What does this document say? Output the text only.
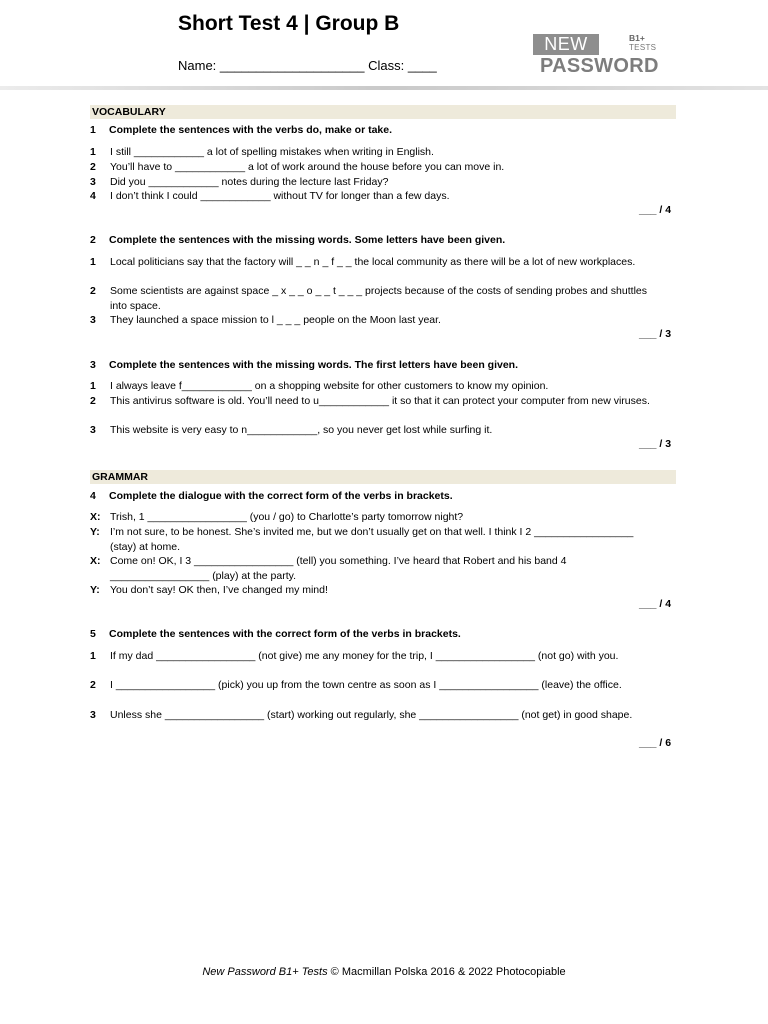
Short Test 4 | Group B
Name: ____________________ Class: ____
NEW	B1+
TESTS
PASSWORD
VOCABULARY
1 Complete the sentences with the verbs do, make or take.
1 I still ____________ a lot of spelling mistakes when writing in English.
2 You’ll have to ____________ a lot of work around the house before you can move in.
3 Did you ____________ notes during the lecture last Friday?
4 I don’t think I could ____________ without TV for longer than a few days.
___ / 4
2 Complete the sentences with the missing words. Some letters have been given.
1 Local politicians say that the factory will _ _ n _ f _ _ the local community as there will be a lot of new workplaces.
2 Some scientists are against space _ x _ _ o _ _ t _ _ _ projects because of the costs of sending probes and shuttles into space.
3 They launched a space mission to l _ _ _ people on the Moon last year.
___ / 3
3 Complete the sentences with the missing words. The first letters have been given.
1 I always leave f____________ on a shopping website for other customers to know my opinion.
2 This antivirus software is old. You’ll need to u____________ it so that it can protect your computer from new viruses.
3 This website is very easy to n____________, so you never get lost while surfing it.
___ / 3
GRAMMAR
4 Complete the dialogue with the correct form of the verbs in brackets.
X: Trish, 1 _________________ (you / go) to Charlotte’s party tomorrow night?
Y: I’m not sure, to be honest. She’s invited me, but we don’t usually get on that well. I think I 2 _________________ (stay) at home.
X: Come on! OK, I 3 _________________ (tell) you something. I’ve heard that Robert and his band 4 _________________ (play) at the party.
Y: You don’t say! OK then, I’ve changed my mind!
___ / 4
5 Complete the sentences with the correct form of the verbs in brackets.
1 If my dad _________________ (not give) me any money for the trip, I _________________ (not go) with you.
2 I _________________ (pick) you up from the town centre as soon as I _________________ (leave) the office.
3 Unless she _________________ (start) working out regularly, she _________________ (not get) in good shape.
___ / 6
New Password B1+ Tests © Macmillan Polska 2016 & 2022 Photocopiable
